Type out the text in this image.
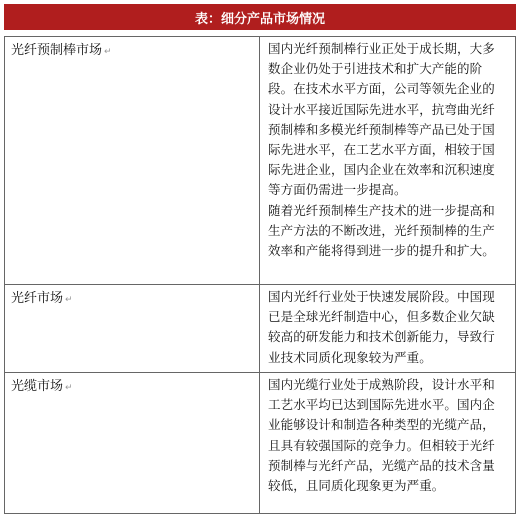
表：细分产品市场情况
光纤预制棒市场 ↵	国内光纤预制棒行业正处于成长期，大多数企业仍处于引进技术和扩大产能的阶段。在技术水平方面，公司等领先企业的设计水平接近国际先进水平，抗弯曲光纤预制棒和多模光纤预制棒等产品已处于国际先进水平，在工艺水平方面，相较于国际先进企业，国内企业在效率和沉积速度等方面仍需进一步提高。

随着光纤预制棒生产技术的进一步提高和生产方法的不断改进，光纤预制棒的生产效率和产能将得到进一步的提升和扩大。

光纤市场 ↵	国内光纤行业处于快速发展阶段。中国现已是全球光纤制造中心，但多数企业欠缺较高的研发能力和技术创新能力，导致行业技术同质化现象较为严重。

光缆市场 ↵	国内光缆行业处于成熟阶段，设计水平和工艺水平均已达到国际先进水平。国内企业能够设计和制造各种类型的光缆产品，且具有较强国际的竞争力。但相较于光纤预制棒与光纤产品，光缆产品的技术含量较低，且同质化现象更为严重。
